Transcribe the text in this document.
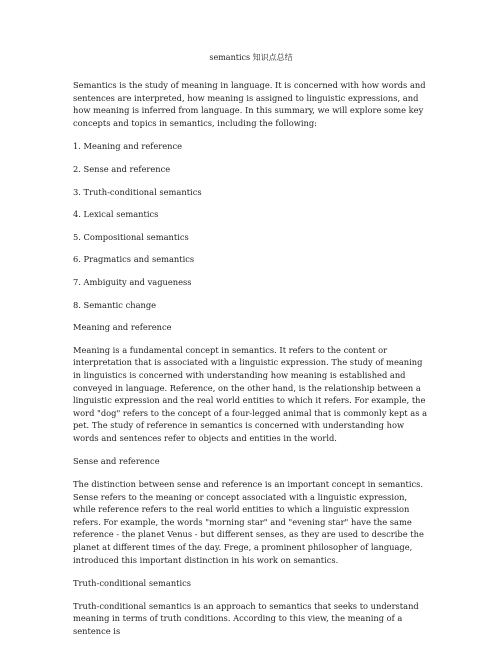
semantics 知识点总结

Semantics is the study of meaning in language. It is concerned with how words and sentences are interpreted, how meaning is assigned to linguistic expressions, and how meaning is inferred from language. In this summary, we will explore some key concepts and topics in semantics, including the following:

1. Meaning and reference

2. Sense and reference

3. Truth-conditional semantics

4. Lexical semantics

5. Compositional semantics

6. Pragmatics and semantics

7. Ambiguity and vagueness

8. Semantic change

Meaning and reference

Meaning is a fundamental concept in semantics. It refers to the content or interpretation that is associated with a linguistic expression. The study of meaning in linguistics is concerned with understanding how meaning is established and conveyed in language. Reference, on the other hand, is the relationship between a linguistic expression and the real world entities to which it refers. For example, the word "dog" refers to the concept of a four-legged animal that is commonly kept as a pet. The study of reference in semantics is concerned with understanding how words and sentences refer to objects and entities in the world.

Sense and reference

The distinction between sense and reference is an important concept in semantics. Sense refers to the meaning or concept associated with a linguistic expression, while reference refers to the real world entities to which a linguistic expression refers. For example, the words "morning star" and "evening star" have the same reference - the planet Venus - but different senses, as they are used to describe the planet at different times of the day. Frege, a prominent philosopher of language, introduced this important distinction in his work on semantics.

Truth-conditional semantics

Truth-conditional semantics is an approach to semantics that seeks to understand meaning in terms of truth conditions. According to this view, the meaning of a sentence is
